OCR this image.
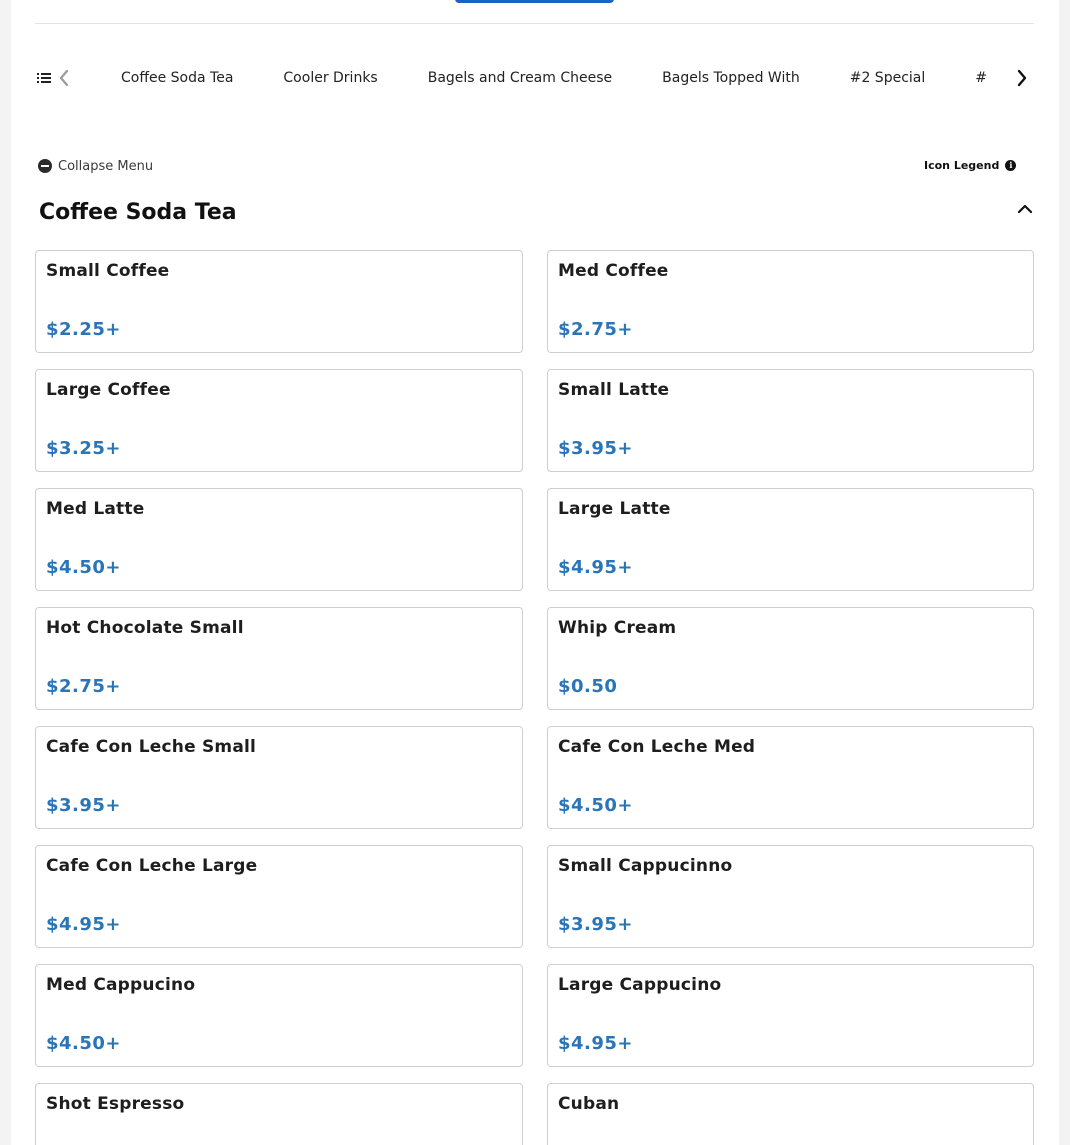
Coffee Soda Tea	Cooler Drinks	Bagels and Cream Cheese	Bagels Topped With	#2 Special	#
Collapse Menu	Icon Legend	i
Coffee Soda Tea
Small Coffee
$2.25+
Med Coffee
$2.75+
Large Coffee
$3.25+
Small Latte
$3.95+
Med Latte
$4.50+
Large Latte
$4.95+
Hot Chocolate Small
$2.75+
Whip Cream
$0.50
Cafe Con Leche Small
$3.95+
Cafe Con Leche Med
$4.50+
Cafe Con Leche Large
$4.95+
Small Cappucinno
$3.95+
Med Cappucino
$4.50+
Large Cappucino
$4.95+
Shot Espresso	Cuban
